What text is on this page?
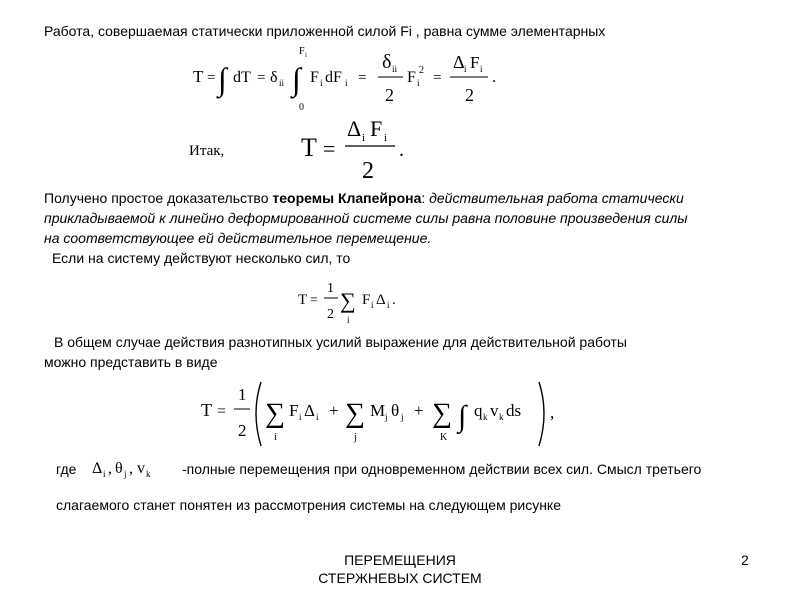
Работа, совершаемая статически приложенной силой Fi , равна сумме элементарных
T = ∫ dT = δ ii ∫
F i
0
F i dF i =
δ ii
2
F i
2 =
Δ i F i
2
.
Итак,	T =
Δ i F i
2
.
Получено простое доказательство теоремы Клапейрона: действительная работа статически
прикладываемой к линейно деформированной системе силы равна половине произведения силы
на соответствующее ей действительное перемещение.
Если на систему действуют несколько сил, то
T =
1
2
∑
i
F i Δ i .
В общем случае действия разнотипных усилий выражение для действительной работы
можно представить в виде
T =
1
2
∑
i
F i Δ i + ∑
j
M j θ j + ∑
K
∫ q k v k ds ,
где Δ i , θ j , v k -полные перемещения при одновременном действии всех сил. Смысл третьего
слагаемого станет понятен из рассмотрения системы на следующем рисунке
ПЕРЕМЕЩЕНИЯ
СТЕРЖНЕВЫХ СИСТЕМ
2
